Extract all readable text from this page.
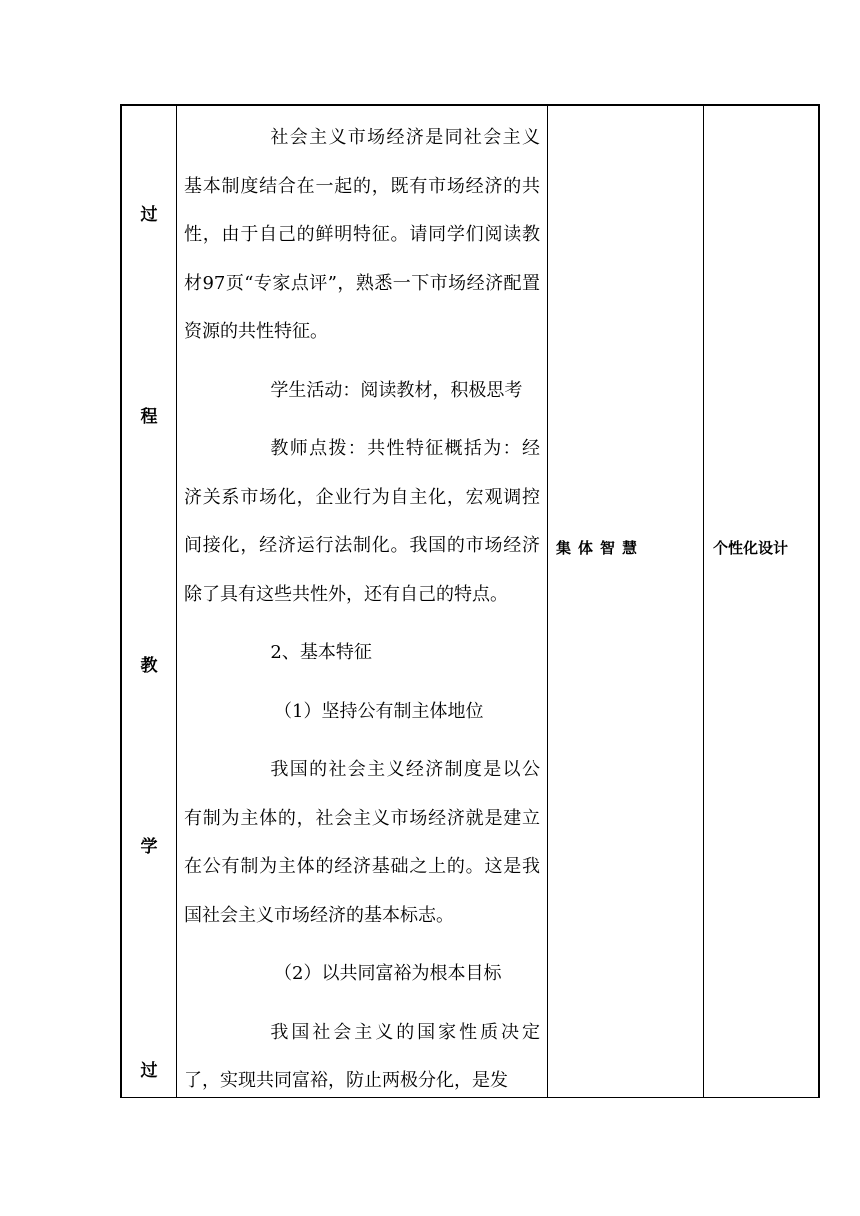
过
程
教
学
过

社会主义市场经济是同社会主义基本制度结合在一起的，既有市场经济的共性，由于自己的鲜明特征。请同学们阅读教材97页“专家点评”，熟悉一下市场经济配置资源的共性特征。

学生活动：阅读教材，积极思考

教师点拨：共性特征概括为：经济关系市场化，企业行为自主化，宏观调控间接化，经济运行法制化。我国的市场经济除了具有这些共性外，还有自己的特点。

2、基本特征

（1）坚持公有制主体地位

我国的社会主义经济制度是以公有制为主体的，社会主义市场经济就是建立在公有制为主体的经济基础之上的。这是我国社会主义市场经济的基本标志。

（2）以共同富裕为根本目标

我国社会主义的国家性质决定了，实现共同富裕，防止两极分化，是发

集体智慧	个性化设计
